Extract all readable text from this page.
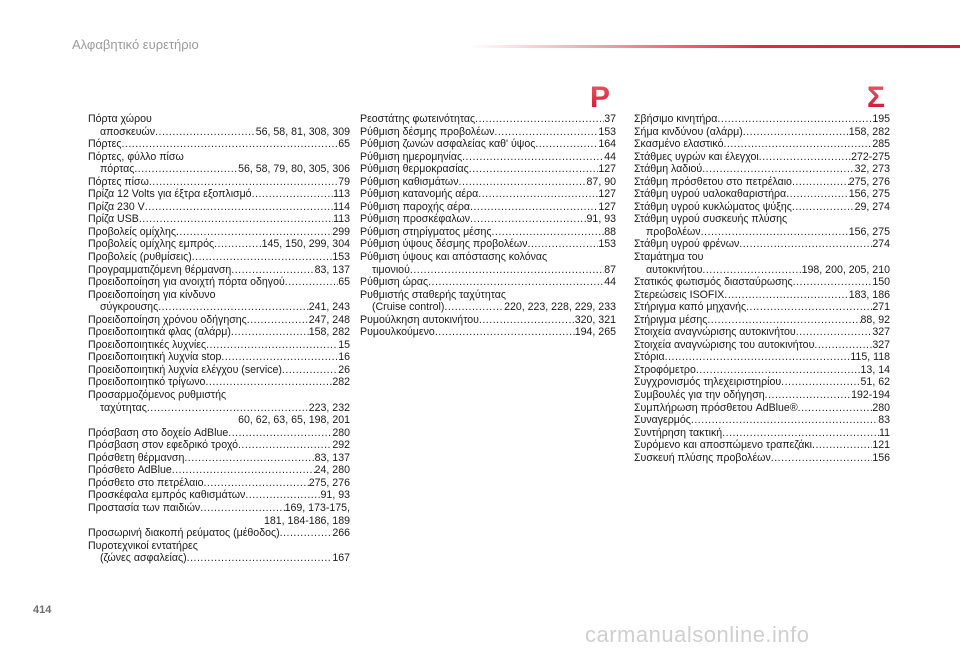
Αλφαβητικό ευρετήριο
P	Σ
Πόρτα χώρου
αποσκευών .....	56, 58, 81, 308, 309
Πόρτες .....	65
Πόρτες, φύλλο πίσω
πόρτας .....	56, 58, 79, 80, 305, 306
Πόρτες πίσω .....	79
Πρίζα 12 Volts για έξτρα εξοπλισμό .....	113
Πρίζα 230 V .....	114
Πρίζα USB .....	113
Προβολείς ομίχλης .....	299
Προβολείς ομίχλης εμπρός .....	145, 150, 299, 304
Προβολείς (ρυθμίσεις) .....	153
Προγραμματιζόμενη θέρμανση .....	83, 137
Προειδοποίηση για ανοιχτή πόρτα οδηγού .....	65
Προειδοποίηση για κίνδυνο
σύγκρουσης .....	241, 243
Προειδοποίηση χρόνου οδήγησης .....	247, 248
Προειδοποιητικά φλας (αλάρμ) .....	158, 282
Προειδοποιητικές λυχνίες .....	15
Προειδοποιητική λυχνία stop .....	16
Προειδοποιητική λυχνία ελέγχου (service) .....	26
Προειδοποιητικό τρίγωνο .....	282
Προσαρμοζόμενος ρυθμιστής
ταχύτητας .....	223, 232
60, 62, 63, 65, 198, 201
Πρόσβαση στο δοχείο AdBlue .....	280
Πρόσβαση στον εφεδρικό τροχό .....	292
Πρόσθετη θέρμανση .....	83, 137
Πρόσθετο AdBlue .....	24, 280
Πρόσθετο στο πετρέλαιο .....	275, 276
Προσκέφαλα εμπρός καθισμάτων .....	91, 93
Προστασία των παιδιών .....	169, 173-175,
181, 184-186, 189
Προσωρινή διακοπή ρεύματος (μέθοδος) .....	266
Πυροτεχνικοί εντατήρες
(ζώνες ασφαλείας) .....	167
Ρεοστάτης φωτεινότητας .....	37
Ρύθμιση δέσμης προβολέων .....	153
Ρύθμιση ζωνών ασφαλείας καθ' ύψος .....	164
Ρύθμιση ημερομηνίας .....	44
Ρύθμιση θερμοκρασίας .....	127
Ρύθμιση καθισμάτων .....	87, 90
Ρύθμιση κατανομής αέρα .....	127
Ρύθμιση παροχής αέρα .....	127
Ρύθμιση προσκέφαλων .....	91, 93
Ρύθμιση στηρίγματος μέσης .....	88
Ρύθμιση ύψους δέσμης προβολέων .....	153
Ρύθμιση ύψους και απόστασης κολόνας
τιμονιού .....	87
Ρύθμιση ώρας .....	44
Ρυθμιστής σταθερής ταχύτητας
(Cruise control) .....	220, 223, 228, 229, 233
Ρυμούλκηση αυτοκινήτου .....	320, 321
Ρυμουλκούμενο .....	194, 265
Σβήσιμο κινητήρα .....	195
Σήμα κινδύνου (αλάρμ) .....	158, 282
Σκασμένο ελαστικό .....	285
Στάθμες υγρών και έλεγχοι .....	272-275
Στάθμη λαδιού .....	32, 273
Στάθμη πρόσθετου στο πετρέλαιο .....	275, 276
Στάθμη υγρού υαλοκαθαριστήρα .....	156, 275
Στάθμη υγρού κυκλώματος ψύξης .....	29, 274
Στάθμη υγρού συσκευής πλύσης
προβολέων .....	156, 275
Στάθμη υγρού φρένων .....	274
Σταμάτημα του
αυτοκινήτου .....	198, 200, 205, 210
Στατικός φωτισμός διασταύρωσης .....	150
Στερεώσεις ISOFIX .....	183, 186
Στήριγμα καπό μηχανής .....	271
Στήριγμα μέσης .....	88, 92
Στοιχεία αναγνώρισης αυτοκινήτου .....	327
Στοιχεία αναγνώρισης του αυτοκινήτου .....	327
Στόρια .....	115, 118
Στροφόμετρο .....	13, 14
Συγχρονισμός τηλεχειριστηρίου .....	51, 62
Συμβουλές για την οδήγηση .....	192-194
Συμπλήρωση πρόσθετου AdBlue® .....	280
Συναγερμός .....	83
Συντήρηση τακτική .....	11
Συρόμενο και αποσπώμενο τραπεζάκι .....	121
Συσκευή πλύσης προβολέων .....	156
414
carmanualsonline.info
